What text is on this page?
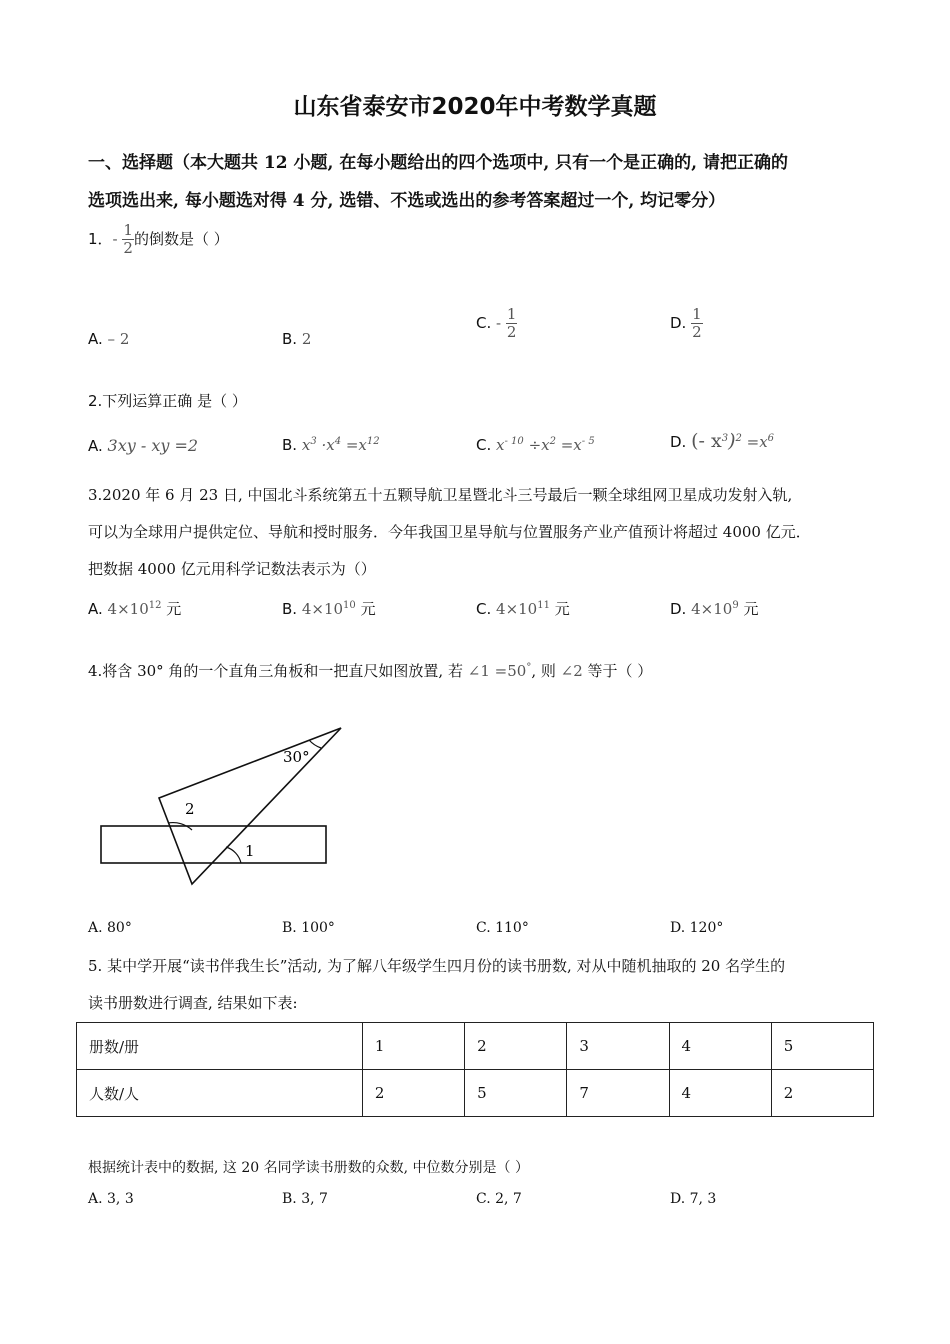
山东省泰安市2020年中考数学真题
一、选择题（本大题共 12 小题, 在每小题给出的四个选项中, 只有一个是正确的, 请把正确的
选项选出来, 每小题选对得 4 分, 选错、不选或选出的参考答案超过一个, 均记零分）
1．- $\frac{1}{2}$ 的倒数是（ ）
A. – 2	B. 2
C. - $\frac{1}{2}$	D. $\frac{1}{2}$
2.下列运算正确 是（ ）
A. 3xy - xy =2	B. $x^3 \cdot x^4 =x^{12}$	C. $x^{- 10} \div x^2 =x^{- 5}$	D. (- $x^3)^2 =x^6$
3.2020 年 6 月 23 日, 中国北斗系统第五十五颗导航卫星暨北斗三号最后一颗全球组网卫星成功发射入轨,
可以为全球用户提供定位、导航和授时服务．今年我国卫星导航与位置服务产业产值预计将超过 4000 亿元．
把数据 4000 亿元用科学记数法表示为（）
A. $4\times 10^{12}$ 元	B. $4\times 10^{10}$ 元	C. $4\times 10^{11}$ 元	D. $4\times 10^9$ 元
4.将含 30° 角的一个直角三角板和一把直尺如图放置, 若 ∠1 =50°, 则 ∠2 等于（ ）
30°
2
1
A. 80°	B. 100°	C. 110°	D. 120°
5. 某中学开展“读书伴我生长”活动, 为了解八年级学生四月份的读书册数, 对从中随机抽取的 20 名学生的
读书册数进行调查, 结果如下表:
册数/册	1	2	3	4	5
人数/人	2	5	7	4	2
根据统计表中的数据, 这 20 名同学读书册数的众数, 中位数分别是（ ）
A. 3, 3	B. 3, 7	C. 2, 7	D. 7, 3
